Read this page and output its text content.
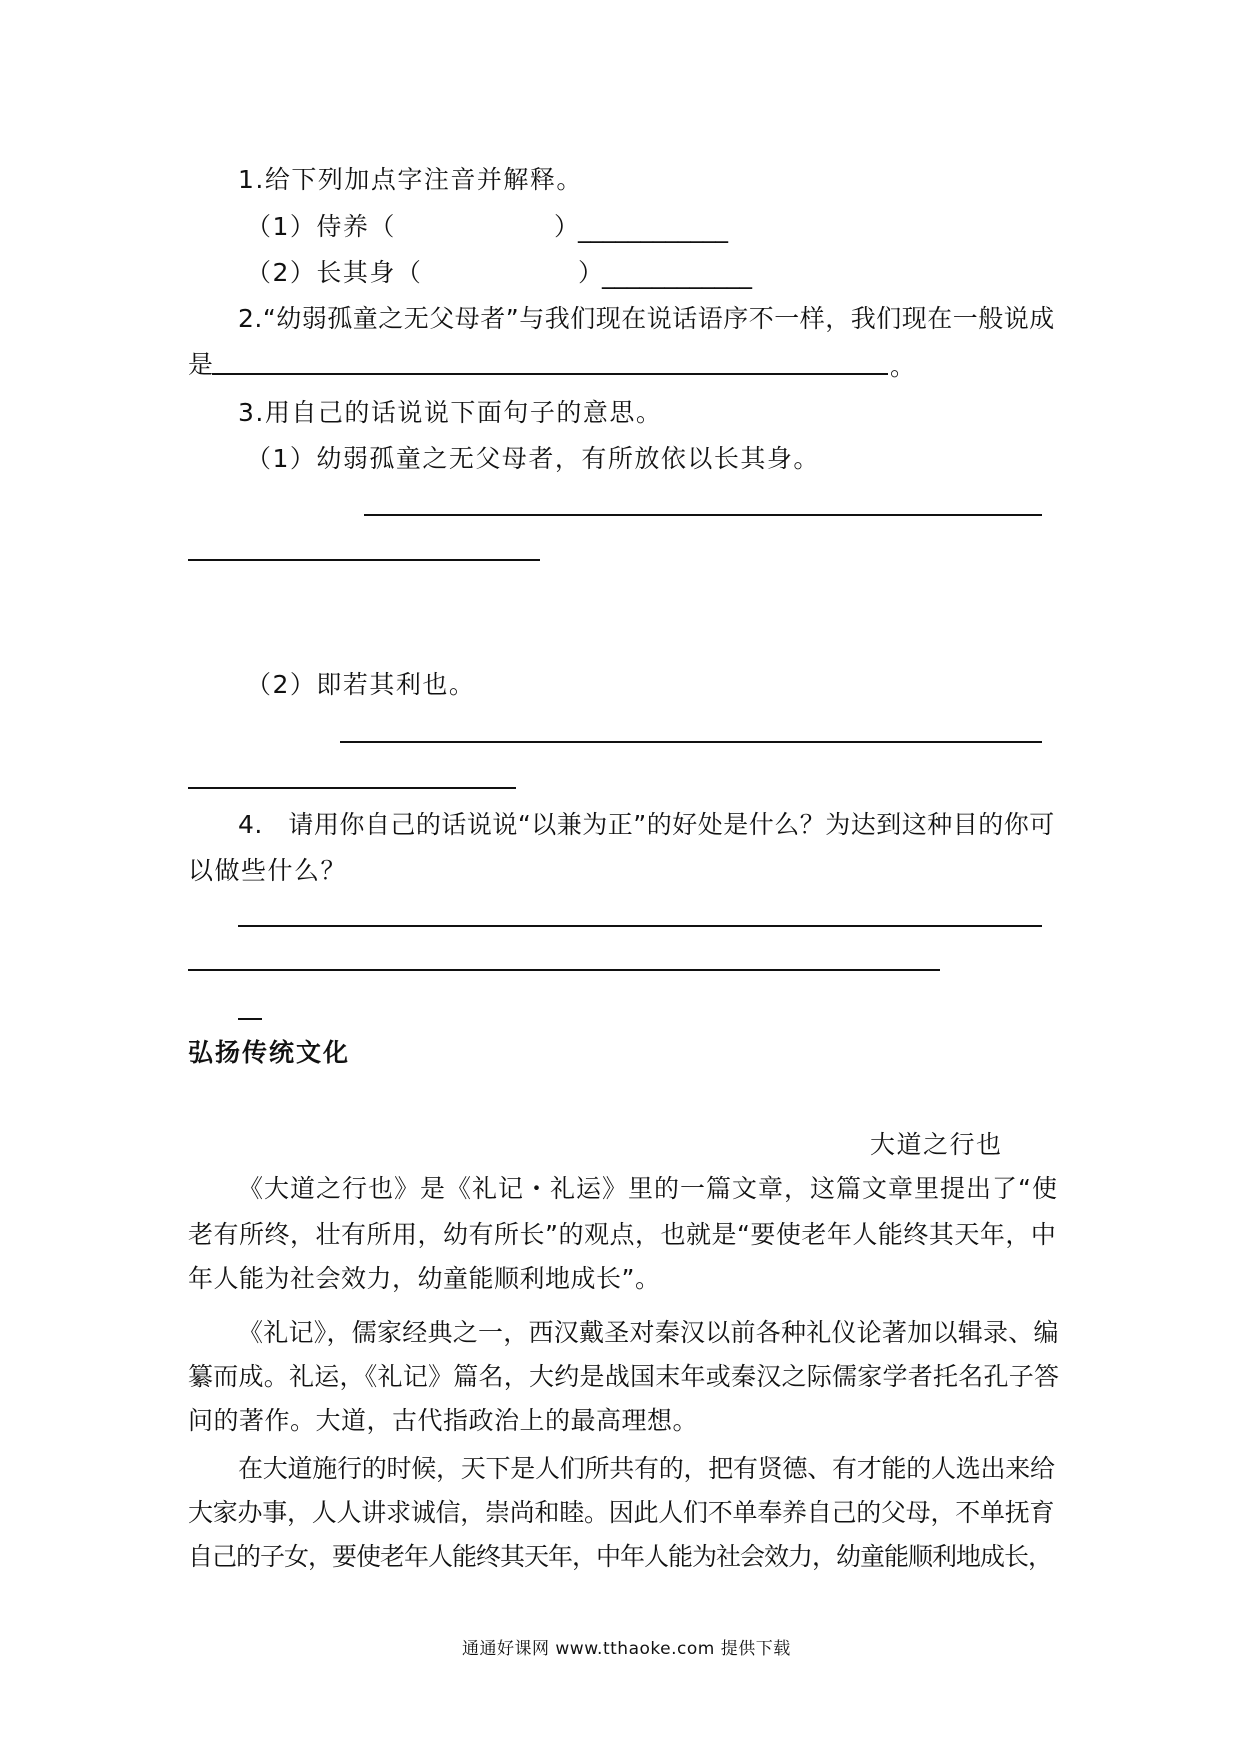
1.给下列加点字注音并解释。
（1）侍养（	）
____________
（2）长其身（	）
____________
2.“幼弱孤童之无父母者”与我们现在说话语序不一样，我们现在一般说成
是	。
3.用自己的话说说下面句子的意思。
（1）幼弱孤童之无父母者，有所放依以长其身。
（2）即若其利也。
4.　请用你自己的话说说“以兼为正”的好处是什么？为达到这种目的你可
以做些什么？
弘扬传统文化
大道之行也
《大道之行也》是《礼记・礼运》里的一篇文章，这篇文章里提出了“使
老有所终，壮有所用，幼有所长”的观点，也就是“要使老年人能终其天年，中
年人能为社会效力，幼童能顺利地成长”。
《礼记》，儒家经典之一，西汉戴圣对秦汉以前各种礼仪论著加以辑录、编
纂而成。礼运，《礼记》篇名，大约是战国末年或秦汉之际儒家学者托名孔子答
问的著作。大道，古代指政治上的最高理想。
在大道施行的时候，天下是人们所共有的，把有贤德、有才能的人选出来给
大家办事，人人讲求诚信，崇尚和睦。因此人们不单奉养自己的父母，不单抚育
自己的子女，要使老年人能终其天年，中年人能为社会效力，幼童能顺利地成长，
通通好课网 www.tthaoke.com 提供下载
